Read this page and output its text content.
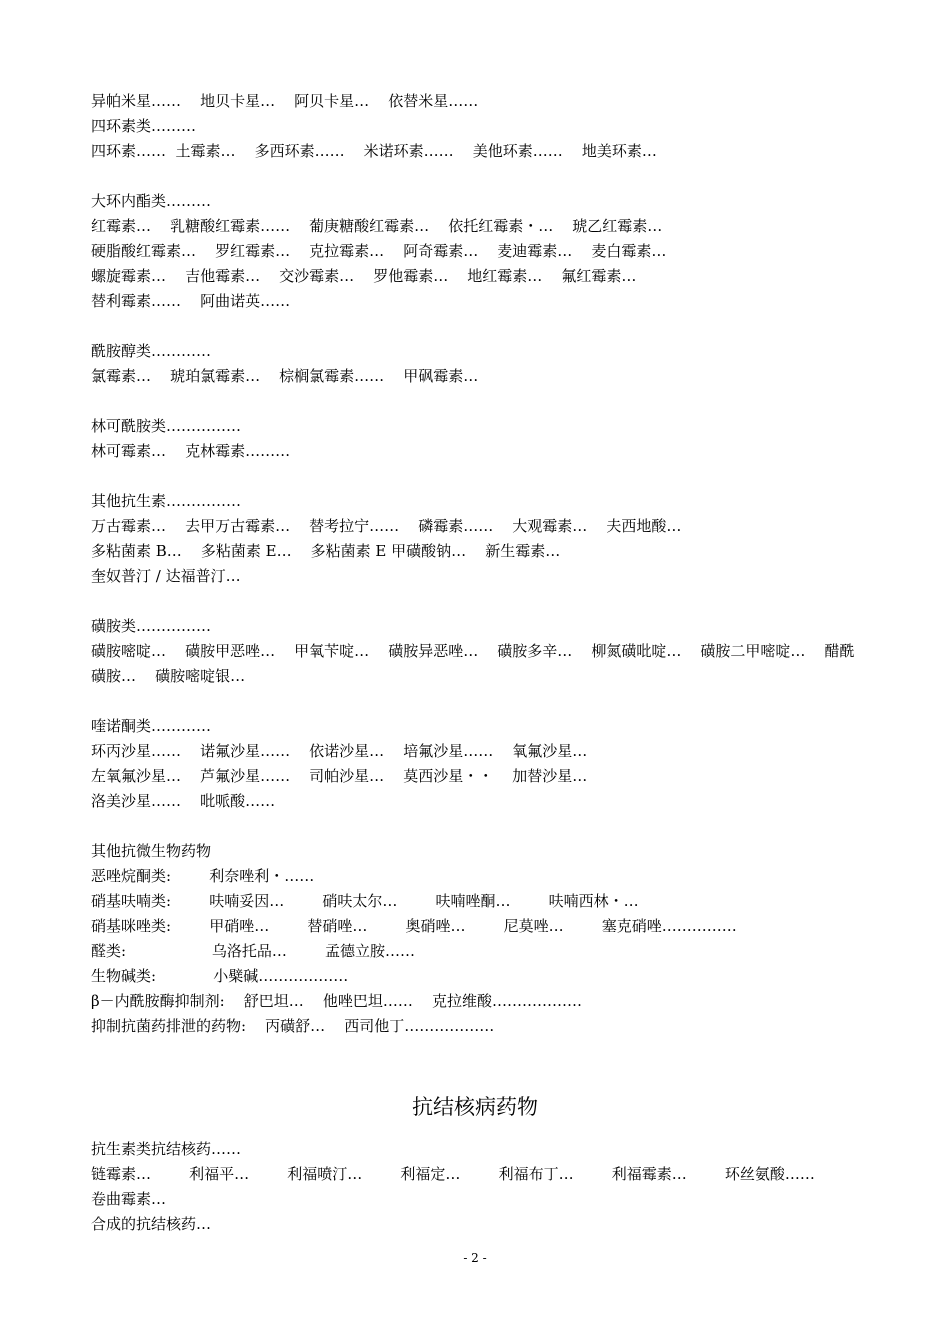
异帕米星……    地贝卡星…    阿贝卡星…    依替米星……
四环素类………
四环素……  土霉素…    多西环素……    米诺环素……    美他环素……    地美环素…
大环内酯类………
红霉素…    乳糖酸红霉素……    葡庚糖酸红霉素…    依托红霉素・…    琥乙红霉素…
硬脂酸红霉素…    罗红霉素…    克拉霉素…    阿奇霉素…    麦迪霉素…    麦白霉素…
螺旋霉素…    吉他霉素…    交沙霉素…    罗他霉素…    地红霉素…    氟红霉素…
替利霉素……    阿曲诺英……
酰胺醇类…………
氯霉素…    琥珀氯霉素…    棕榈氯霉素……    甲砜霉素…
林可酰胺类……………
林可霉素…    克林霉素………
其他抗生素……………
万古霉素…    去甲万古霉素…    替考拉宁……    磷霉素……    大观霉素…    夫西地酸…
多粘菌素 B…    多粘菌素 E…    多粘菌素 E 甲磺酸钠…    新生霉素…
奎奴普汀 / 达福普汀…
磺胺类……………
磺胺嘧啶…    磺胺甲恶唑…    甲氧苄啶…    磺胺异恶唑…    磺胺多辛…    柳氮磺吡啶…    磺胺二甲嘧啶…    醋酰磺胺…    磺胺嘧啶银…
喹诺酮类…………
环丙沙星……    诺氟沙星……    依诺沙星…    培氟沙星……    氧氟沙星…
左氧氟沙星…    芦氟沙星……    司帕沙星…    莫西沙星・・    加替沙星…
洛美沙星……    吡哌酸……
其他抗微生物药物
恶唑烷酮类:        利奈唑利・……
硝基呋喃类:        呋喃妥因…        硝呋太尔…        呋喃唑酮…        呋喃西林・…
硝基咪唑类:        甲硝唑…        替硝唑…        奥硝唑…        尼莫唑…        塞克硝唑……………
醛类:                  乌洛托品…        孟德立胺……
生物碱类:            小檗碱………………
β－内酰胺酶抑制剂:    舒巴坦…    他唑巴坦……    克拉维酸………………
抑制抗菌药排泄的药物:    丙磺舒…    西司他丁………………
抗结核病药物
抗生素类抗结核药……
链霉素…        利福平…        利福喷汀…        利福定…        利福布丁…        利福霉素…        环丝氨酸……
卷曲霉素…
合成的抗结核药…
- 2 -
